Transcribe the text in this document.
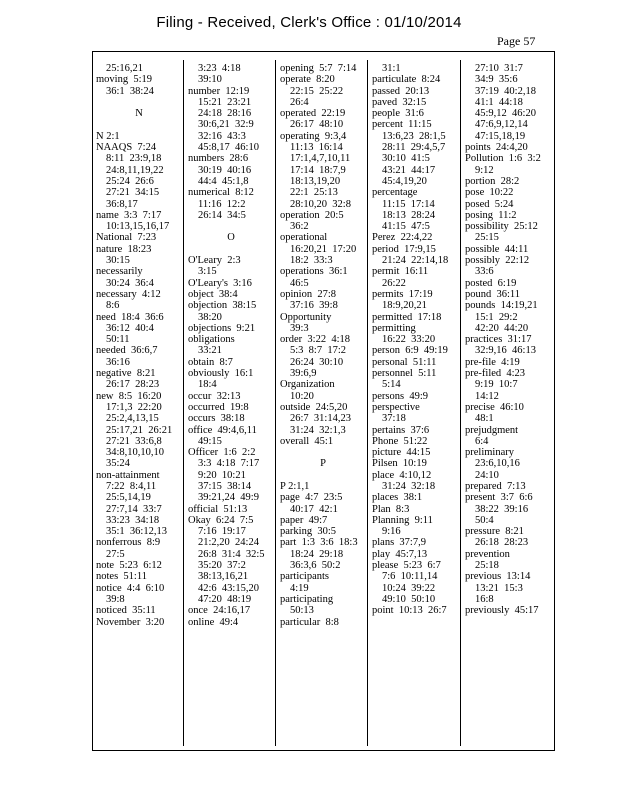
Filing - Received, Clerk's Office : 01/10/2014
Page 57
25:16,21
moving  5:19
36:1  38:24
N
N 2:1
NAAQS  7:24
8:11  23:9,18
24:8,11,19,22
25:24  26:6
27:21  34:15
36:8,17
name  3:3  7:17
10:13,15,16,17
National  7:23
nature  18:23
30:15
necessarily
30:24  36:4
necessary  4:12
8:6
need  18:4  36:6
36:12  40:4
50:11
needed  36:6,7
36:16
negative  8:21
26:17  28:23
new  8:5  16:20
17:1,3  22:20
25:2,4,13,15
25:17,21  26:21
27:21  33:6,8
34:8,10,10,10
35:24
non-attainment
7:22  8:4,11
25:5,14,19
27:7,14  33:7
33:23  34:18
35:1  36:12,13
nonferrous  8:9
27:5
note  5:23  6:12
notes  51:11
notice  4:4  6:10
39:8
noticed  35:11
November  3:20
3:23  4:18
39:10
number  12:19
15:21  23:21
24:18  28:16
30:6,21  32:9
32:16  43:3
45:8,17  46:10
numbers  28:6
30:19  40:16
44:4  45:1,8
numerical  8:12
11:16  12:2
26:14  34:5
O
O'Leary  2:3
3:15
O'Leary's  3:16
object  38:4
objection  38:15
38:20
objections  9:21
obligations
33:21
obtain  8:7
obviously  16:1
18:4
occur  32:13
occurred  19:8
occurs  38:18
office  49:4,6,11
49:15
Officer  1:6  2:2
3:3  4:18  7:17
9:20  10:21
37:15  38:14
39:21,24  49:9
official  51:13
Okay  6:24  7:5
7:16  19:17
21:2,20  24:24
26:8  31:4  32:5
35:20  37:2
38:13,16,21
42:6  43:15,20
47:20  48:19
once  24:16,17
online  49:4
opening  5:7  7:14
operate  8:20
22:15  25:22
26:4
operated  22:19
26:17  48:10
operating  9:3,4
11:13  16:14
17:1,4,7,10,11
17:14  18:7,9
18:13,19,20
22:1  25:13
28:10,20  32:8
operation  20:5
36:2
operational
16:20,21  17:20
18:2  33:3
operations  36:1
46:5
opinion  27:8
37:16  39:8
Opportunity
39:3
order  3:22  4:18
5:3  8:7  17:2
26:24  30:10
39:6,9
Organization
10:20
outside  24:5,20
26:7  31:14,23
31:24  32:1,3
overall  45:1
P
P 2:1,1
page  4:7  23:5
40:17  42:1
paper  49:7
parking  30:5
part  1:3  3:6  18:3
18:24  29:18
36:3,6  50:2
participants
4:19
participating
50:13
particular  8:8
31:1
particulate  8:24
passed  20:13
paved  32:15
people  31:6
percent  11:15
13:6,23  28:1,5
28:11  29:4,5,7
30:10  41:5
43:21  44:17
45:4,19,20
percentage
11:15  17:14
18:13  28:24
41:15  47:5
Perez  22:4,22
period  17:9,15
21:24  22:14,18
permit  16:11
26:22
permits  17:19
18:9,20,21
permitted  17:18
permitting
16:22  33:20
person  6:9  49:19
personal  51:11
personnel  5:11
5:14
persons  49:9
perspective
37:18
pertains  37:6
Phone  51:22
picture  44:15
Pilsen  10:19
place  4:10,12
31:24  32:18
places  38:1
Plan  8:3
Planning  9:11
9:16
plans  37:7,9
play  45:7,13
please  5:23  6:7
7:6  10:11,14
10:24  39:22
49:10  50:10
point  10:13  26:7
27:10  31:7
34:9  35:6
37:19  40:2,18
41:1  44:18
45:9,12  46:20
47:6,9,12,14
47:15,18,19
points  24:4,20
Pollution  1:6  3:2
9:12
portion  28:2
pose  10:22
posed  5:24
posing  11:2
possibility  25:12
25:15
possible  44:11
possibly  22:12
33:6
posted  6:19
pound  36:11
pounds  14:19,21
15:1  29:2
42:20  44:20
practices  31:17
32:9,16  46:13
pre-file  4:19
pre-filed  4:23
9:19  10:7
14:12
precise  46:10
48:1
prejudgment
6:4
preliminary
23:6,10,16
24:10
prepared  7:13
present  3:7  6:6
38:22  39:16
50:4
pressure  8:21
26:18  28:23
prevention
25:18
previous  13:14
13:21  15:3
16:8
previously  45:17
